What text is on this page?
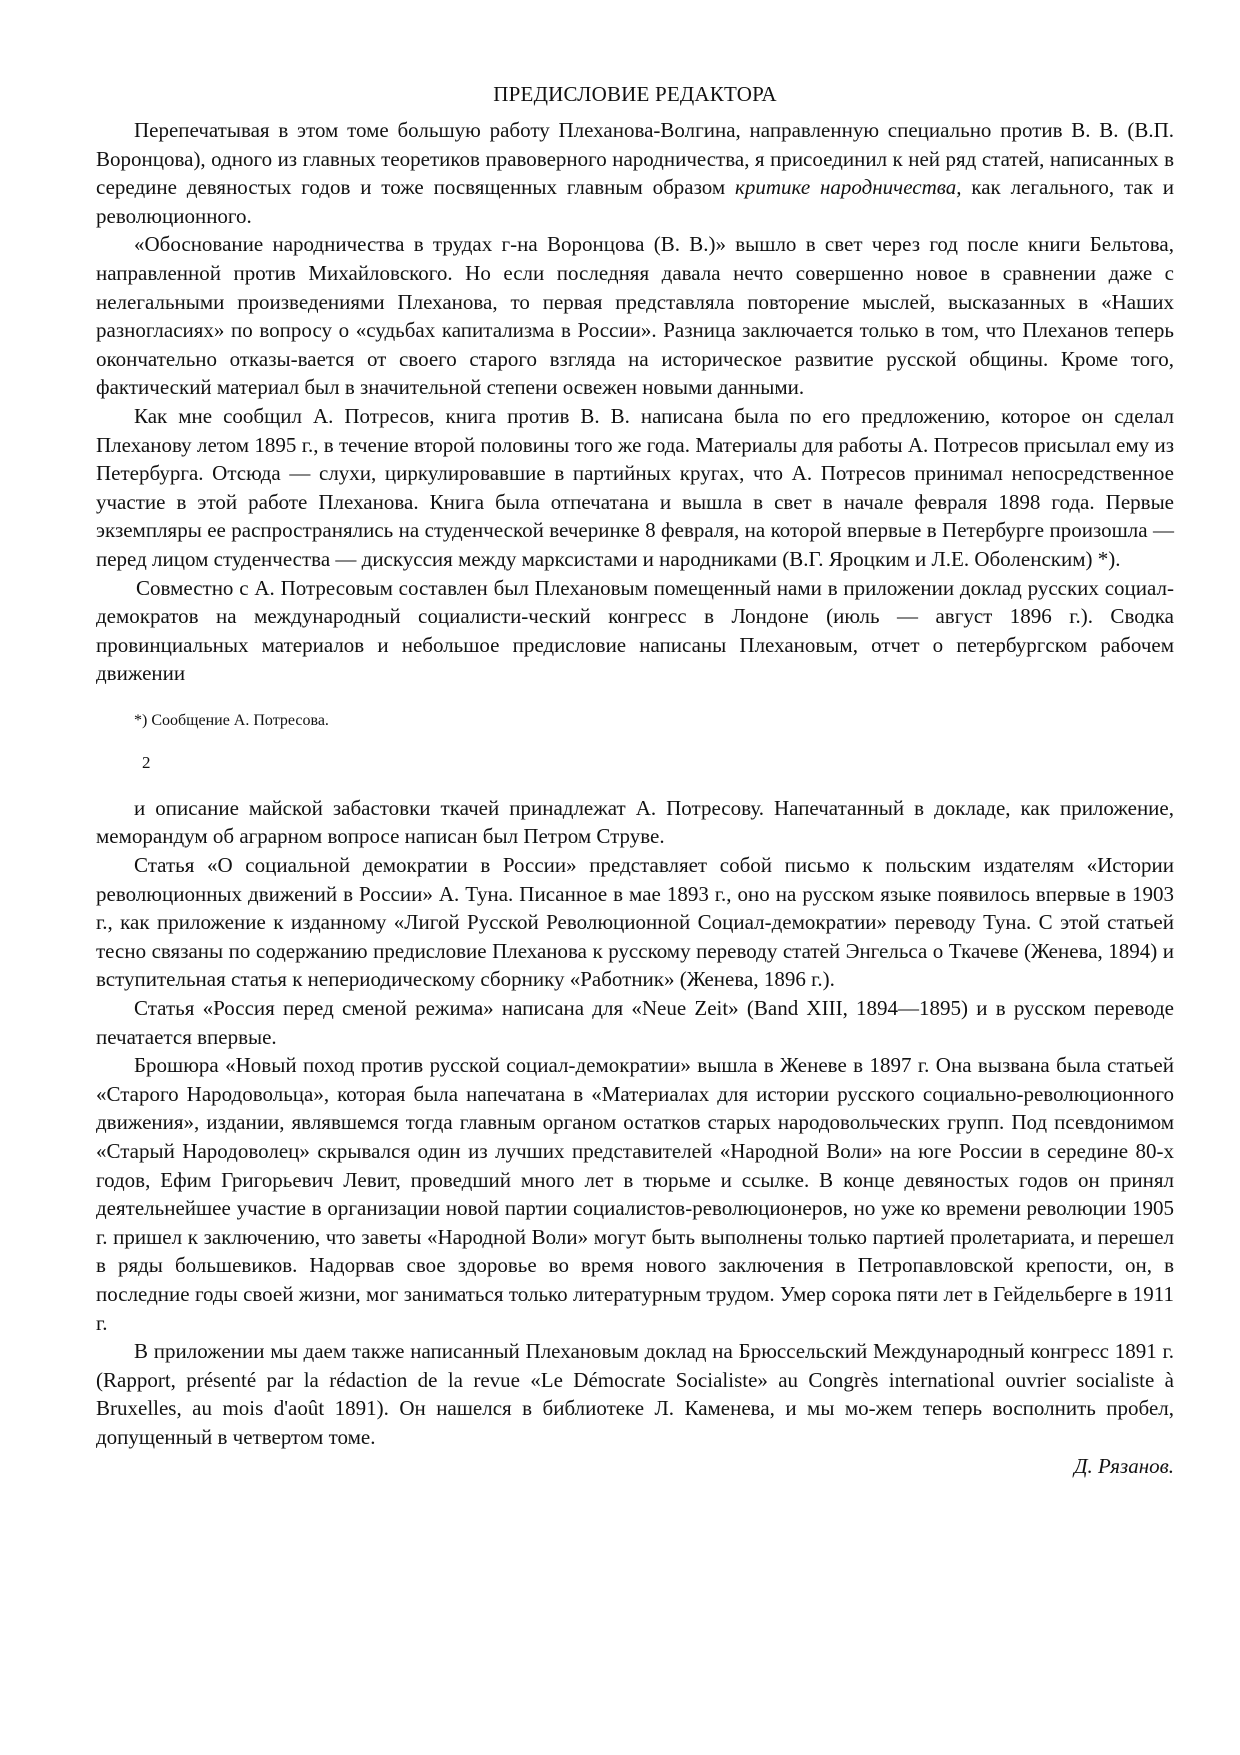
ПРЕДИСЛОВИЕ РЕДАКТОРА

Перепечатывая в этом томе большую работу Плеханова-Волгина, направленную специально против В. В. (В.П. Воронцова), одного из главных теоретиков правоверного народничества, я присоединил к ней ряд статей, написанных в середине девяностых годов и тоже посвященных главным образом критике народничества, как легального, так и революционного.

«Обоснование народничества в трудах г-на Воронцова (В. В.)» вышло в свет через год после книги Бельтова, направленной против Михайловского. Но если последняя давала нечто совершенно новое в сравнении даже с нелегальными произведениями Плеханова, то первая представляла повторение мыслей, высказанных в «Наших разногласиях» по вопросу о «судьбах капитализма в России». Разница заключается только в том, что Плеханов теперь окончательно отказы-вается от своего старого взгляда на историческое развитие русской общины. Кроме того, фактический материал был в значительной степени освежен новыми данными.

Как мне сообщил А. Потресов, книга против В. В. написана была по его предложению, которое он сделал Плеханову летом 1895 г., в течение второй половины того же года. Материалы для работы А. Потресов присылал ему из Петербурга. Отсюда — слухи, циркулировавшие в партийных кругах, что А. Потресов принимал непосредственное участие в этой работе Плеханова. Книга была отпечатана и вышла в свет в начале февраля 1898 года. Первые экземпляры ее распространялись на студенческой вечеринке 8 февраля, на которой впервые в Петербурге произошла — перед лицом студенчества — дискуссия между марксистами и народниками (В.Г. Яроцким и Л.Е. Оболенским) *).

Совместно с А. Потресовым составлен был Плехановым помещенный нами в приложении доклад русских социал-демократов на международный социалисти-ческий конгресс в Лондоне (июль — август 1896 г.). Сводка провинциальных материалов и небольшое предисловие написаны Плехановым, отчет о петербургском рабочем движении

*) Сообщение А. Потресова.
2

и описание майской забастовки ткачей принадлежат А. Потресову. Напечатанный в докладе, как приложение, меморандум об аграрном вопросе написан был Петром Струве.

Статья «О социальной демократии в России» представляет собой письмо к польским издателям «Истории революционных движений в России» А. Туна. Писанное в мае 1893 г., оно на русском языке появилось впервые в 1903 г., как приложение к изданному «Лигой Русской Революционной Социал-демократии» переводу Туна. С этой статьей тесно связаны по содержанию предисловие Плеханова к русскому переводу статей Энгельса о Ткачеве (Женева, 1894) и вступительная статья к непериодическому сборнику «Работник» (Женева, 1896 г.).

Статья «Россия перед сменой режима» написана для «Neue Zeit» (Band XIII, 1894—1895) и в русском переводе печатается впервые.

Брошюра «Новый поход против русской социал-демократии» вышла в Женеве в 1897 г. Она вызвана была статьей «Старого Народовольца», которая была напечатана в «Материалах для истории русского социально-революционного движения», издании, являвшемся тогда главным органом остатков старых народовольческих групп. Под псевдонимом «Старый Народоволец» скрывался один из лучших представителей «Народной Воли» на юге России в середине 80-х годов, Ефим Григорьевич Левит, проведший много лет в тюрьме и ссылке. В конце девяностых годов он принял деятельнейшее участие в организации новой партии социалистов-революционеров, но уже ко времени революции 1905 г. пришел к заключению, что заветы «Народной Воли» могут быть выполнены только партией пролетариата, и перешел в ряды большевиков. Надорвав свое здоровье во время нового заключения в Петропавловской крепости, он, в последние годы своей жизни, мог заниматься только литературным трудом. Умер сорока пяти лет в Гейдельберге в 1911 г.

В приложении мы даем также написанный Плехановым доклад на Брюссельский Международный конгресс 1891 г. (Rapport, présenté par la rédaction de la revue «Le Démocrate Socialiste» au Congrès international ouvrier socialiste à Bruxelles, au mois d'août 1891). Он нашелся в библиотеке Л. Каменева, и мы мо-жем теперь восполнить пробел, допущенный в четвертом томе.

Д. Рязанов.
